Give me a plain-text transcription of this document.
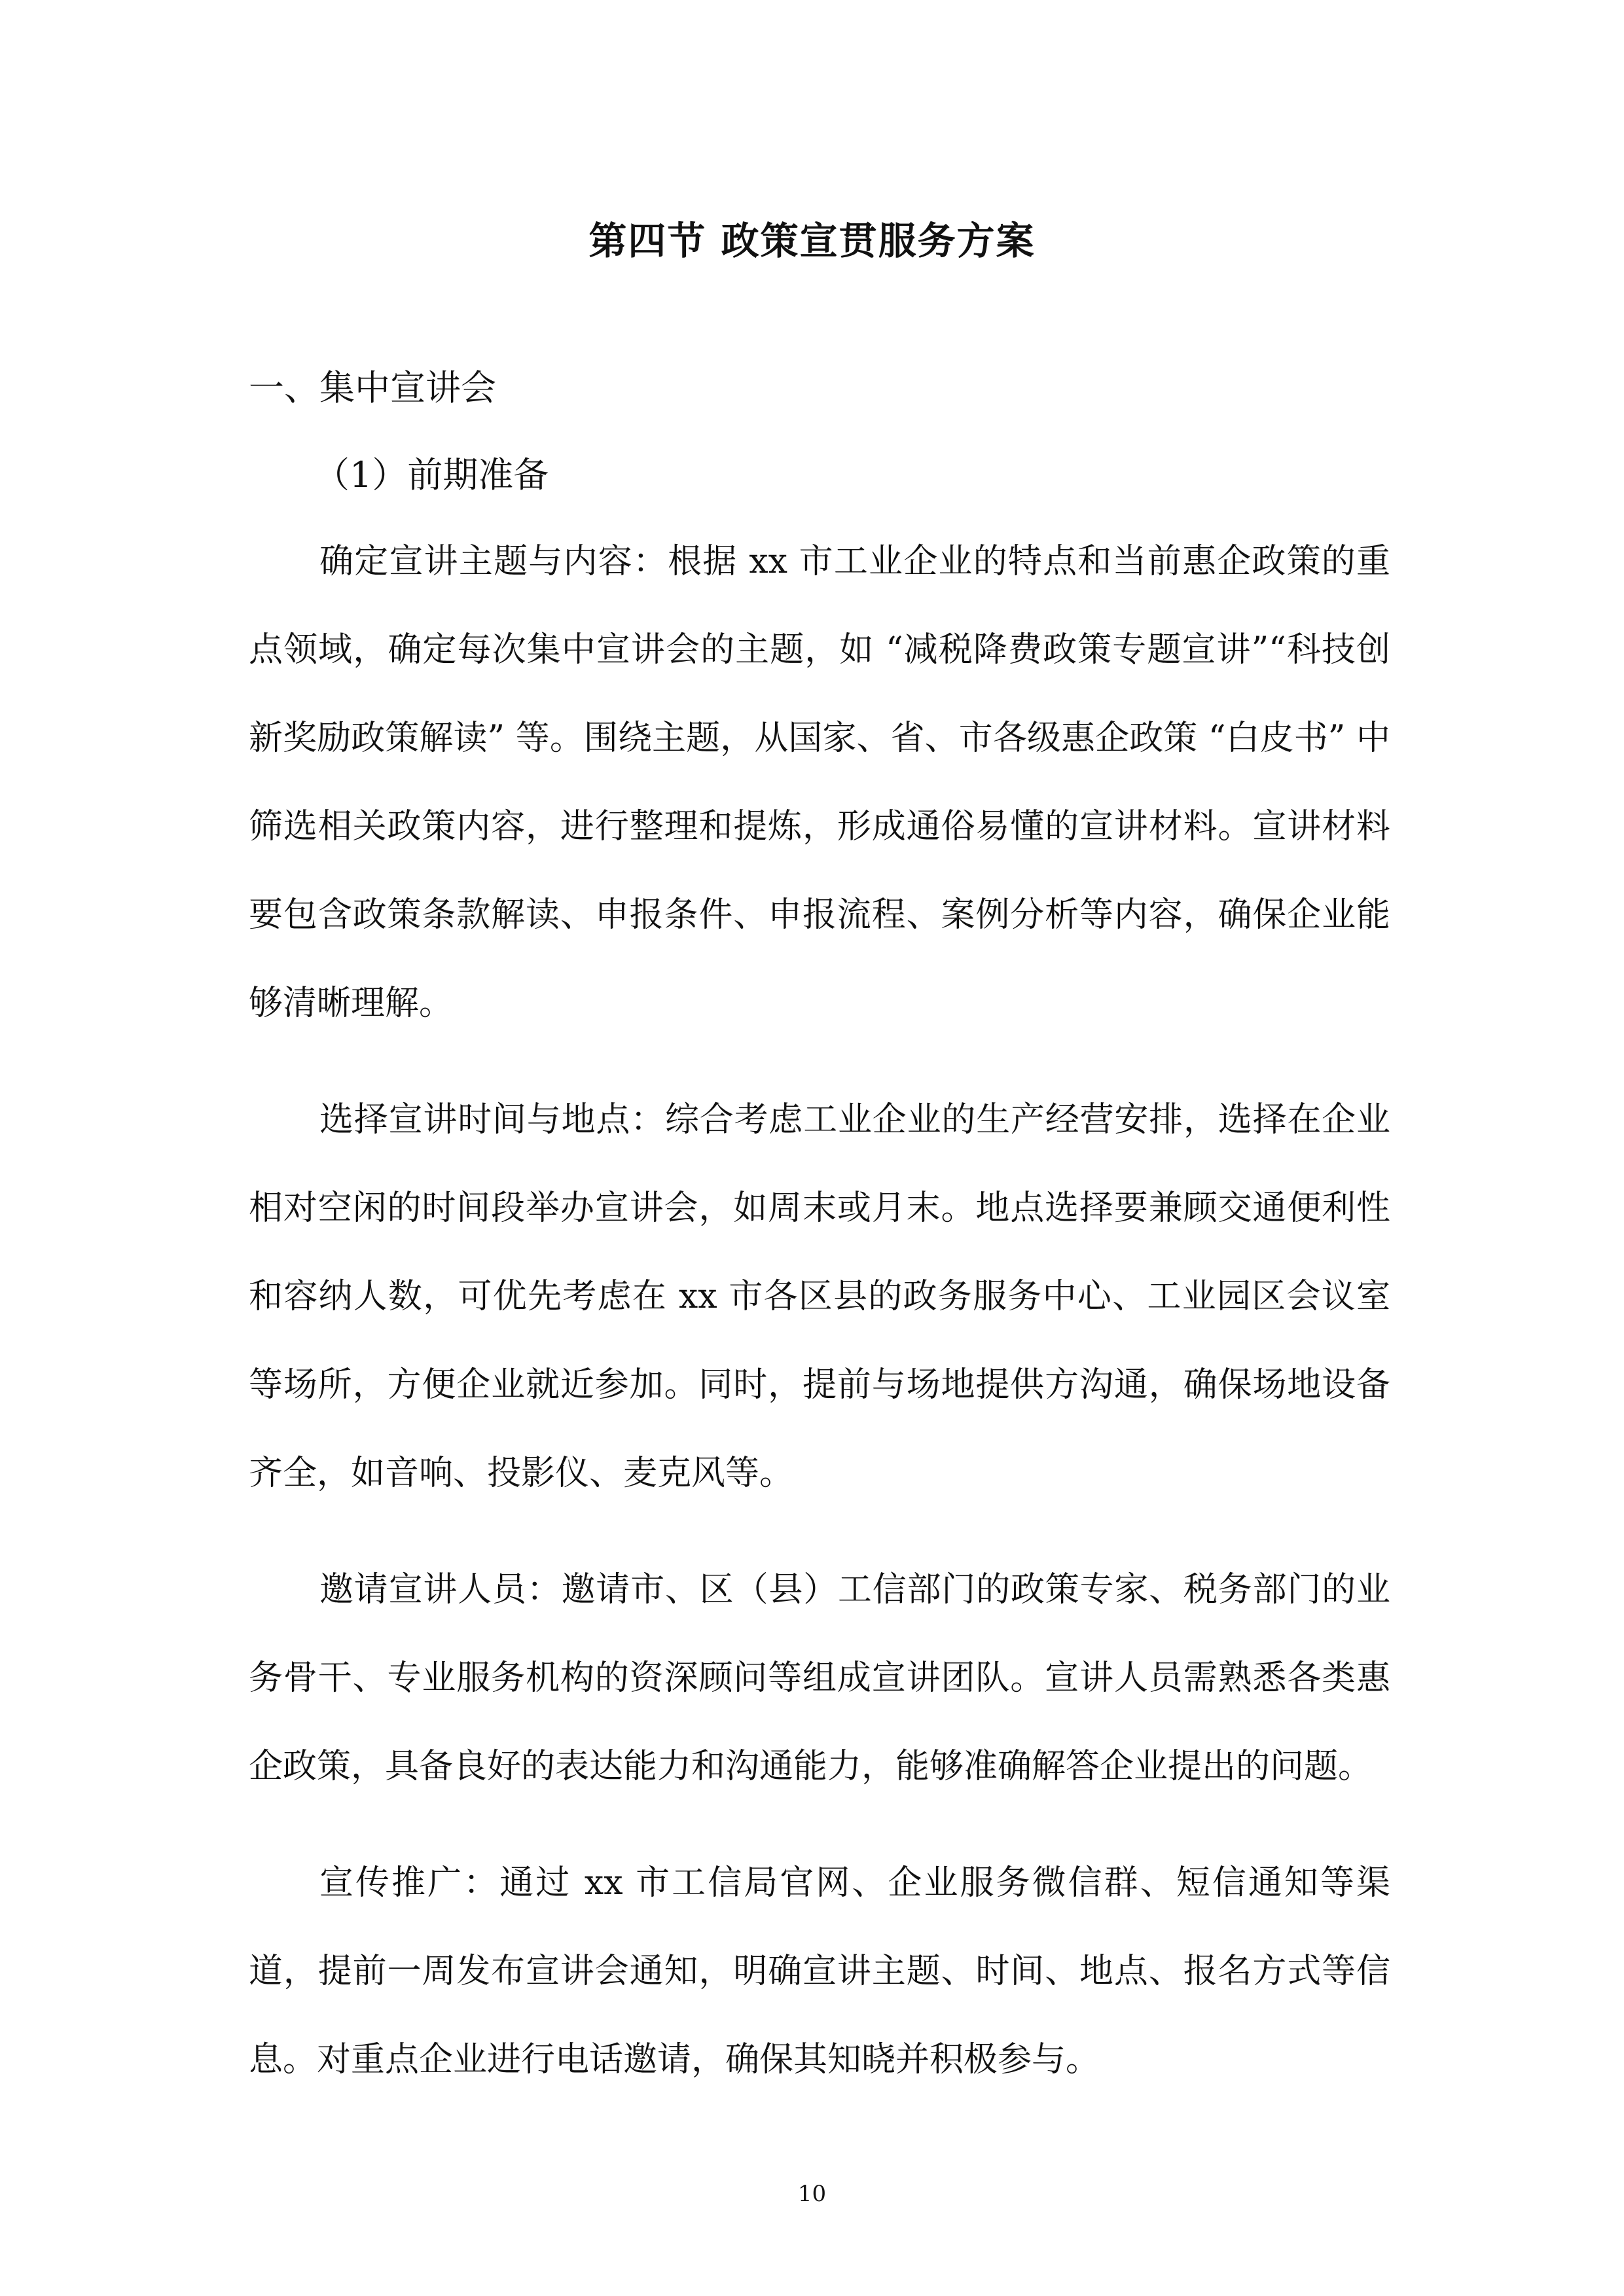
第四节 政策宣贯服务方案
一、集中宣讲会
（1）前期准备

确定宣讲主题与内容：根据 xx 市工业企业的特点和当前惠企政策的重点领域，确定每次集中宣讲会的主题，如 “减税降费政策专题宣讲”“科技创新奖励政策解读” 等。围绕主题，从国家、省、市各级惠企政策 “白皮书” 中筛选相关政策内容，进行整理和提炼，形成通俗易懂的宣讲材料。宣讲材料要包含政策条款解读、申报条件、申报流程、案例分析等内容，确保企业能够清晰理解。

选择宣讲时间与地点：综合考虑工业企业的生产经营安排，选择在企业相对空闲的时间段举办宣讲会，如周末或月末。地点选择要兼顾交通便利性和容纳人数，可优先考虑在 xx 市各区县的政务服务中心、工业园区会议室等场所，方便企业就近参加。同时，提前与场地提供方沟通，确保场地设备齐全，如音响、投影仪、麦克风等。

邀请宣讲人员：邀请市、区（县）工信部门的政策专家、税务部门的业务骨干、专业服务机构的资深顾问等组成宣讲团队。宣讲人员需熟悉各类惠企政策，具备良好的表达能力和沟通能力，能够准确解答企业提出的问题。

宣传推广：通过 xx 市工信局官网、企业服务微信群、短信通知等渠道，提前一周发布宣讲会通知，明确宣讲主题、时间、地点、报名方式等信息。对重点企业进行电话邀请，确保其知晓并积极参与。

10
